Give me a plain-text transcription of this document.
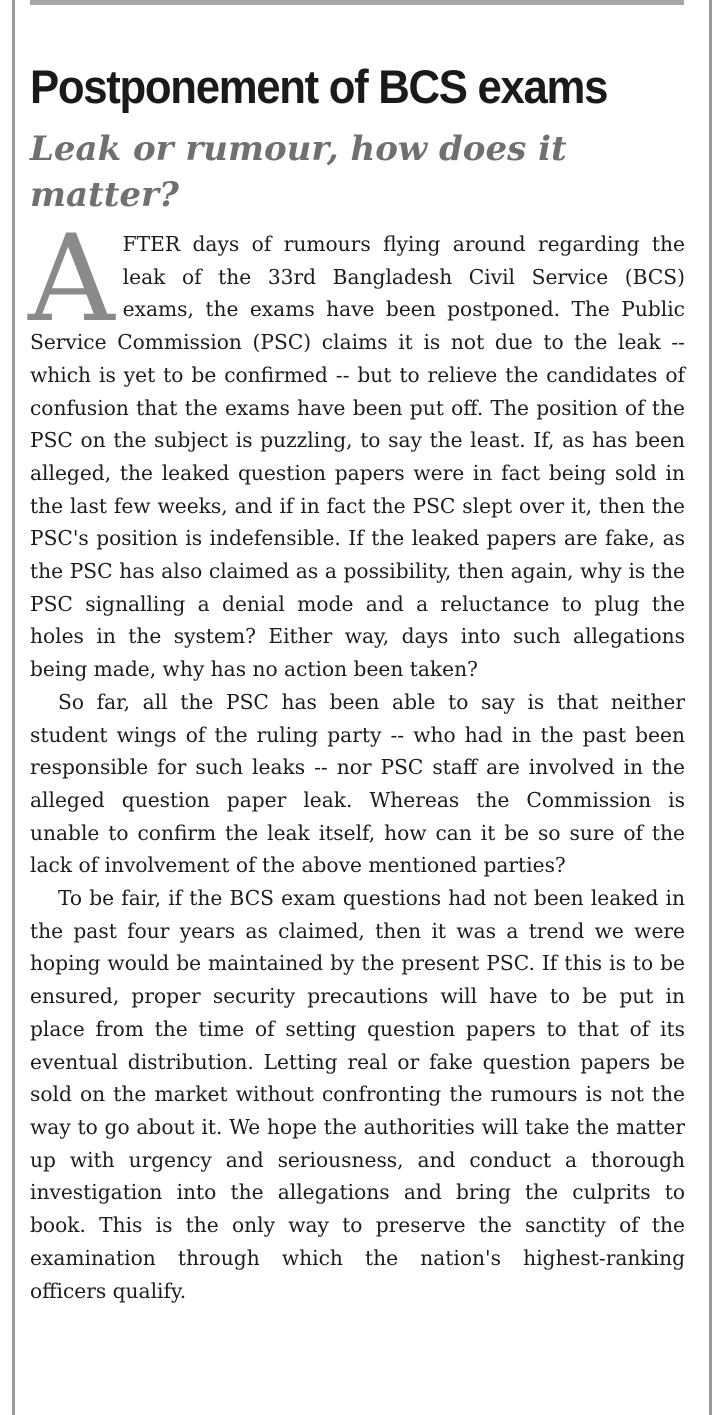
Postponement of BCS exams
Leak or rumour, how does it matter?

AFTER days of rumours flying around regarding the leak of the 33rd Bangladesh Civil Service (BCS) exams, the exams have been postponed. The Public Service Commission (PSC) claims it is not due to the leak -- which is yet to be confirmed -- but to relieve the candidates of confusion that the exams have been put off. The position of the PSC on the subject is puzzling, to say the least. If, as has been alleged, the leaked question papers were in fact being sold in the last few weeks, and if in fact the PSC slept over it, then the PSC's position is indefensible. If the leaked papers are fake, as the PSC has also claimed as a possibility, then again, why is the PSC signalling a denial mode and a reluctance to plug the holes in the system? Either way, days into such allegations being made, why has no action been taken?

So far, all the PSC has been able to say is that neither student wings of the ruling party -- who had in the past been responsible for such leaks -- nor PSC staff are involved in the alleged question paper leak. Whereas the Commission is unable to confirm the leak itself, how can it be so sure of the lack of involvement of the above mentioned parties?

To be fair, if the BCS exam questions had not been leaked in the past four years as claimed, then it was a trend we were hoping would be maintained by the present PSC. If this is to be ensured, proper security precautions will have to be put in place from the time of setting question papers to that of its eventual distribution. Letting real or fake question papers be sold on the market without confronting the rumours is not the way to go about it. We hope the authorities will take the matter up with urgency and seriousness, and conduct a thorough investigation into the allegations and bring the culprits to book. This is the only way to preserve the sanctity of the examination through which the nation's highest-ranking officers qualify.
